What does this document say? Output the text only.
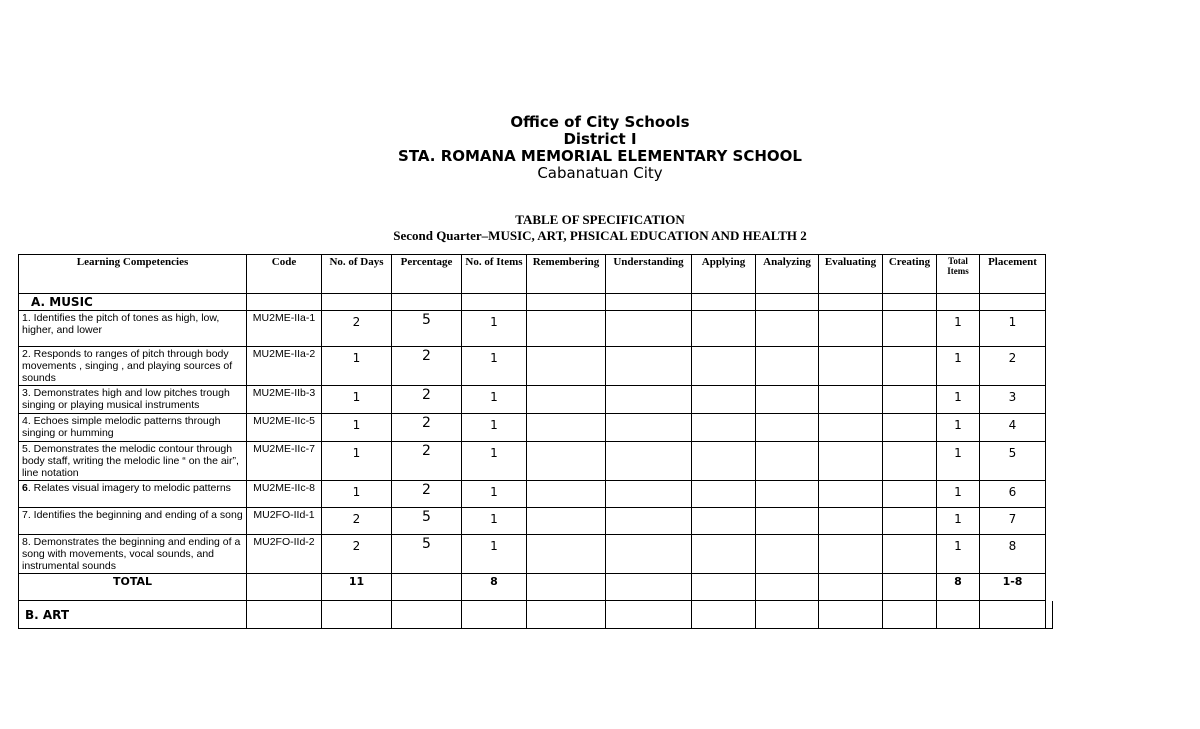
Office of City Schools
District I
STA. ROMANA MEMORIAL ELEMENTARY SCHOOL
Cabanatuan City
TABLE OF SPECIFICATION
Second Quarter–MUSIC, ART, PHSICAL EDUCATION AND HEALTH 2
Learning Competencies	Code	No. of Days	Percentage	No. of Items	Remembering	Understanding	Applying	Analyzing	Evaluating	Creating	Total Items	Placement	
A. MUSIC													
1. Identifies the pitch of tones as high, low, higher, and lower	MU2ME-IIa-1	2	5	1							1	1	
2. Responds to ranges of pitch through body movements , singing , and playing sources of sounds	MU2ME-IIa-2	1	2	1							1	2	
3. Demonstrates high and low pitches trough singing or playing musical instruments	MU2ME-IIb-3	1	2	1							1	3	
4. Echoes simple melodic patterns through singing or humming	MU2ME-IIc-5	1	2	1							1	4	
5. Demonstrates the melodic contour through body staff, writing the melodic line “ on the air”, line notation	MU2ME-IIc-7	1	2	1							1	5	
6. Relates visual imagery to melodic patterns	MU2ME-IIc-8	1	2	1							1	6	
7. Identifies the beginning and ending of a song	MU2FO-IId-1	2	5	1							1	7	
8. Demonstrates the beginning and ending of a song with movements, vocal sounds, and instrumental sounds	MU2FO-IId-2	2	5	1							1	8	
TOTAL		11		8							8	1-8	
B. ART													
